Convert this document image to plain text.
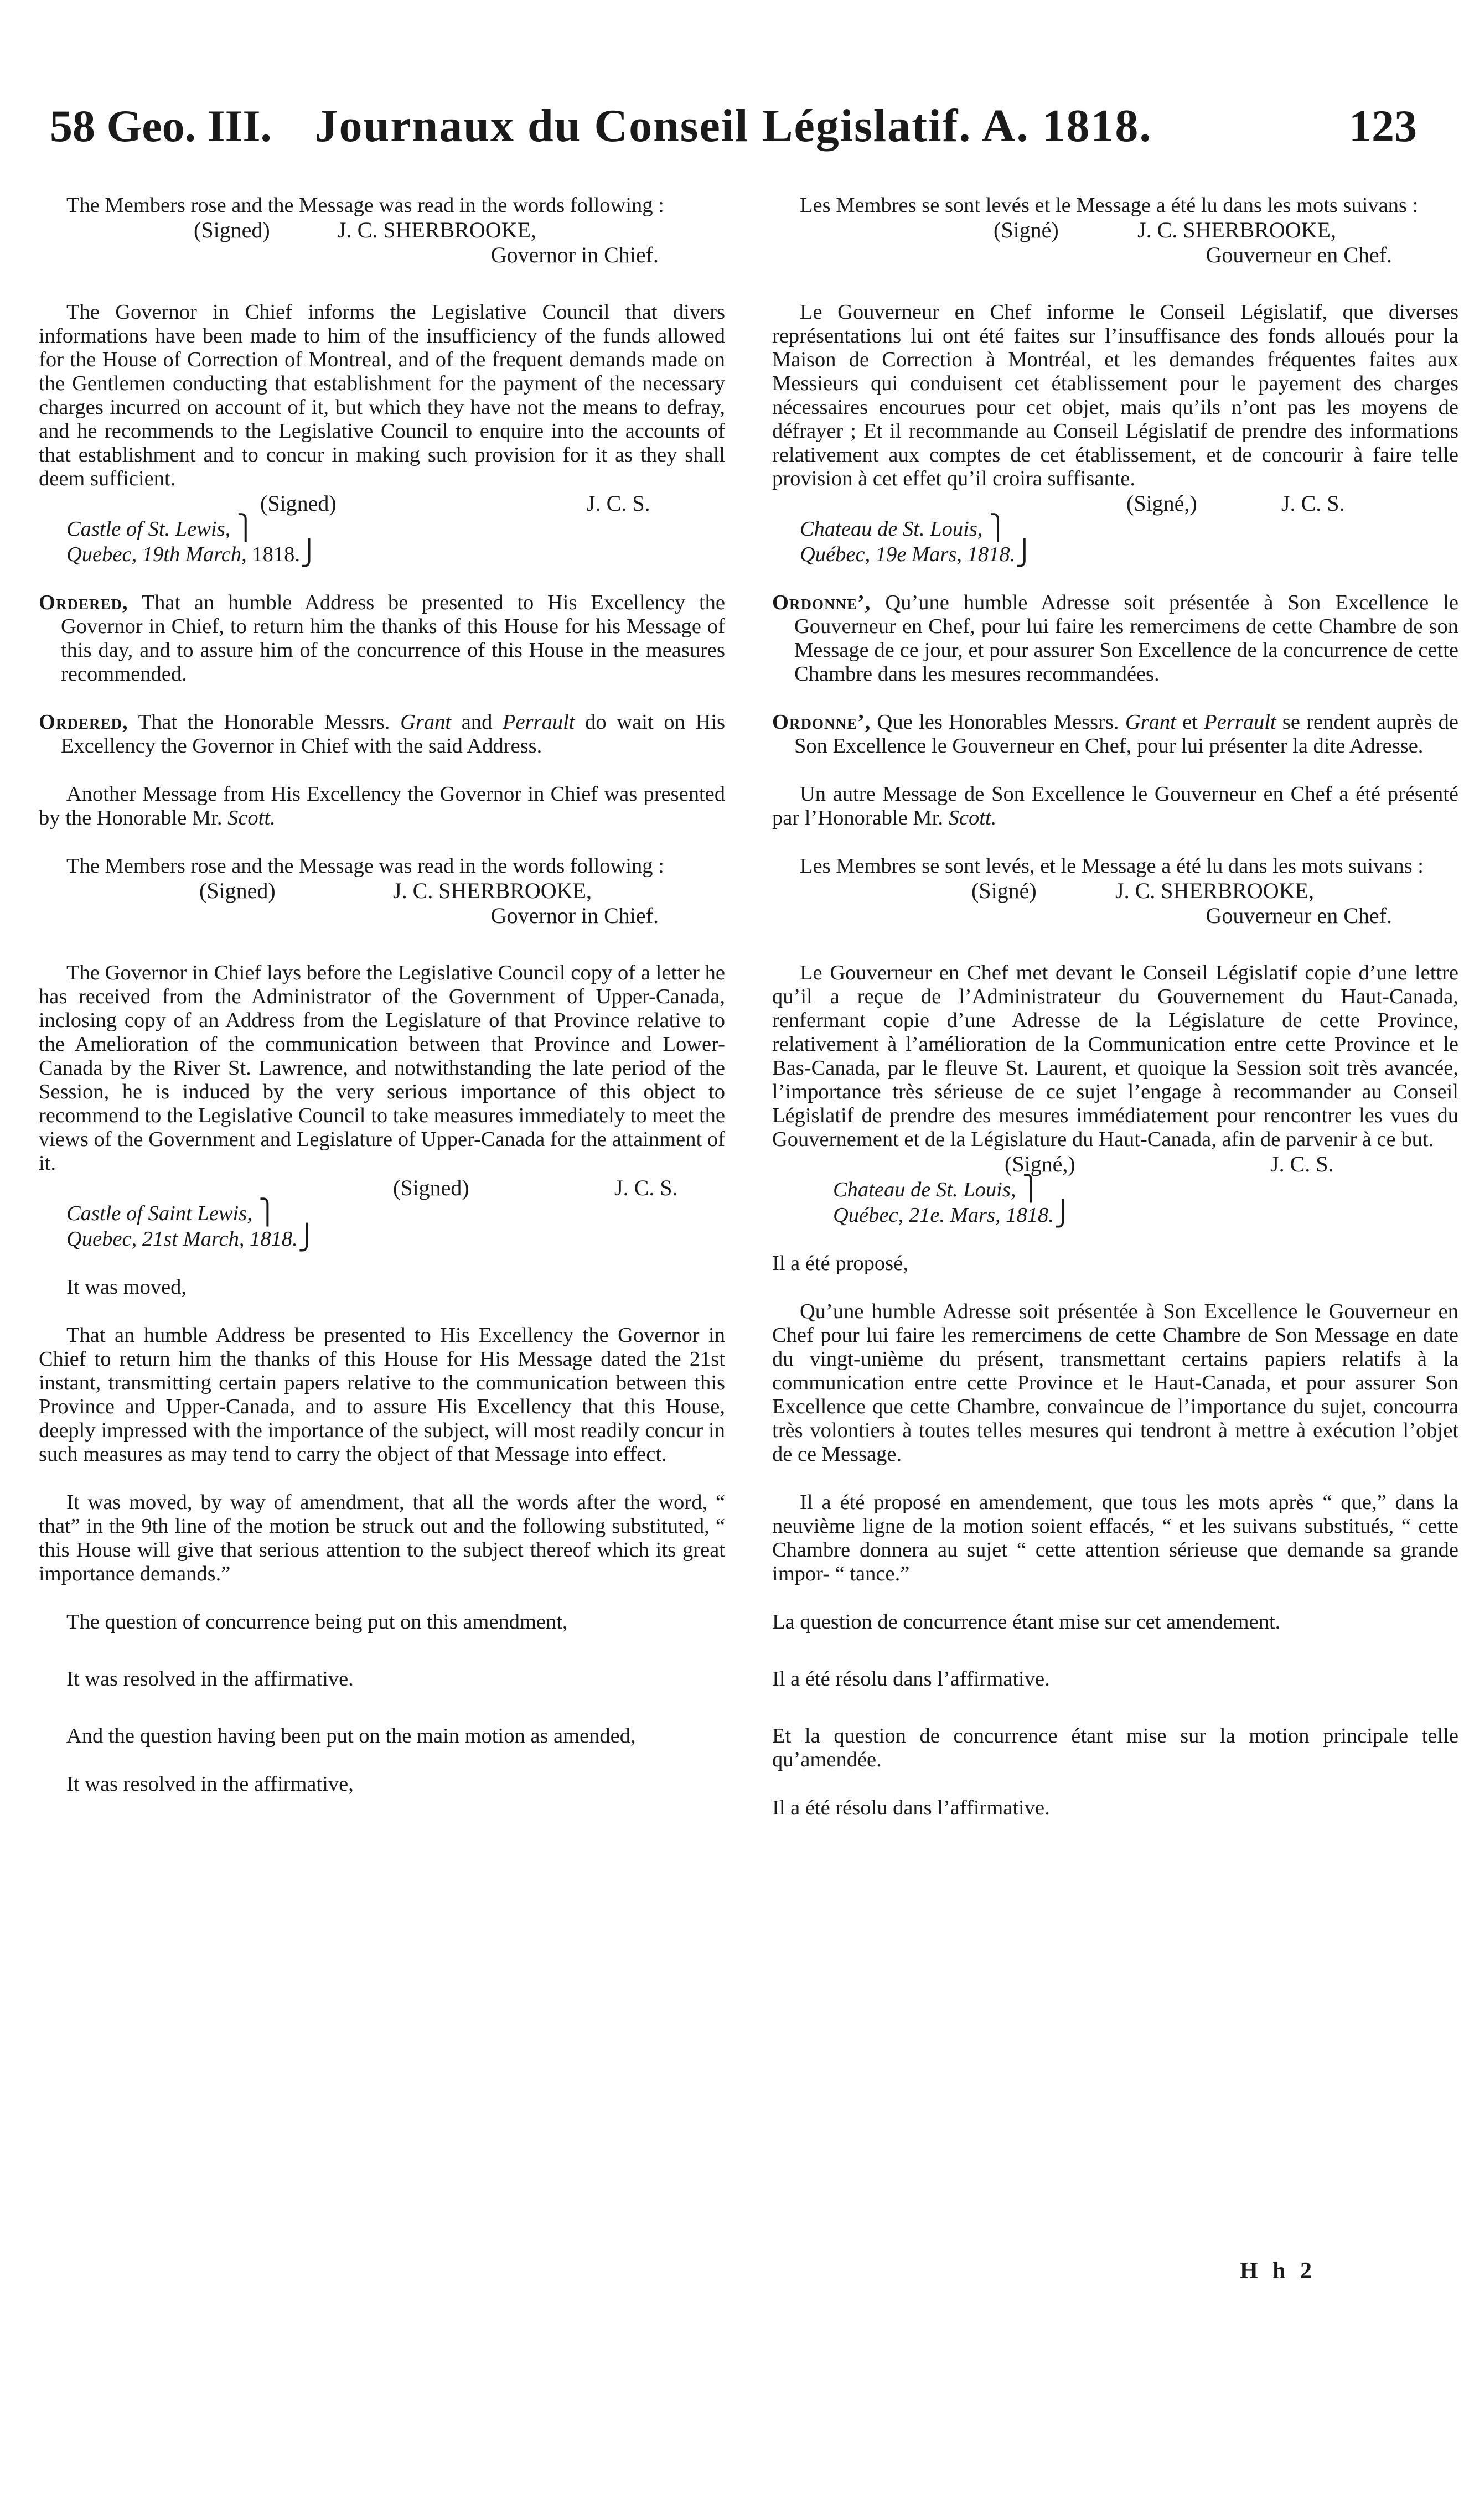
58 Geo. III. Journaux du Conseil Législatif. A. 1818.	123

The Members rose and the Message was read in the words following :

(Signed)	J. C. SHERBROOKE,

Governor in Chief.

The Governor in Chief informs the Legislative Council that divers informations have been made to him of the insufficiency of the funds allowed for the House of Correction of Montreal, and of the frequent demands made on the Gentlemen conducting that establishment for the payment of the necessary charges incurred on account of it, but which they have not the means to defray, and he recommends to the Legislative Council to enquire into the accounts of that establishment and to concur in making such provision for it as they shall deem sufficient.

(Signed)	J. C. S.

Castle of St. Lewis, ⎫
Quebec, 19th March, 1818.⎭

Ordered, That an humble Address be presented to His Excellency the Governor in Chief, to return him the thanks of this House for his Message of this day, and to assure him of the concurrence of this House in the measures recommended.

Ordered, That the Honorable Messrs. Grant and Perrault do wait on His Excellency the Governor in Chief with the said Address.

Another Message from His Excellency the Governor in Chief was presented by the Honorable Mr. Scott.

The Members rose and the Message was read in the words following :

(Signed)	J. C. SHERBROOKE,

Governor in Chief.

The Governor in Chief lays before the Legislative Council copy of a letter he has received from the Administrator of the Government of Upper-Canada, inclosing copy of an Address from the Legislature of that Province relative to the Amelioration of the communication between that Province and Lower-Canada by the River St. Lawrence, and notwithstanding the late period of the Session, he is induced by the very serious importance of this object to recommend to the Legislative Council to take measures immediately to meet the views of the Government and Legislature of Upper-Canada for the attainment of it.

(Signed)	J. C. S.

Castle of Saint Lewis, ⎫
Quebec, 21st March, 1818.⎭

It was moved,

That an humble Address be presented to His Excellency the Governor in Chief to return him the thanks of this House for His Message dated the 21st instant, transmitting certain papers relative to the communication between this Province and Upper-Canada, and to assure His Excellency that this House, deeply impressed with the importance of the subject, will most readily concur in such measures as may tend to carry the object of that Message into effect.

It was moved, by way of amendment, that all the words after the word, “ that” in the 9th line of the motion be struck out and the following substituted, “ this House will give that serious attention to the subject thereof which its great importance demands.”

The question of concurrence being put on this amendment,

It was resolved in the affirmative.

And the question having been put on the main motion as amended,

It was resolved in the affirmative,

Les Membres se sont levés et le Message a été lu dans les mots suivans :

(Signé)	J. C. SHERBROOKE,

Gouverneur en Chef.

Le Gouverneur en Chef informe le Conseil Législatif, que diverses représentations lui ont été faites sur l’insuffisance des fonds alloués pour la Maison de Correction à Montréal, et les demandes fréquentes faites aux Messieurs qui conduisent cet établissement pour le payement des charges nécessaires encourues pour cet objet, mais qu’ils n’ont pas les moyens de défrayer ; Et il recommande au Conseil Législatif de prendre des informations relativement aux comptes de cet établissement, et de concourir à faire telle provision à cet effet qu’il croira suffisante.

(Signé,)	J. C. S.

Chateau de St. Louis, ⎫
Québec, 19e Mars, 1818.⎭

Ordonne’, Qu’une humble Adresse soit présentée à Son Excellence le Gouverneur en Chef, pour lui faire les remercimens de cette Chambre de son Message de ce jour, et pour assurer Son Excellence de la concurrence de cette Chambre dans les mesures recommandées.

Ordonne’, Que les Honorables Messrs. Grant et Perrault se rendent auprès de Son Excellence le Gouverneur en Chef, pour lui présenter la dite Adresse.

Un autre Message de Son Excellence le Gouverneur en Chef a été présenté par l’Honorable Mr. Scott.

Les Membres se sont levés, et le Message a été lu dans les mots suivans :

(Signé)	J. C. SHERBROOKE,

Gouverneur en Chef.

Le Gouverneur en Chef met devant le Conseil Législatif copie d’une lettre qu’il a reçue de l’Administrateur du Gouvernement du Haut-Canada, renfermant copie d’une Adresse de la Législature de cette Province, relativement à l’amélioration de la Communication entre cette Province et le Bas-Canada, par le fleuve St. Laurent, et quoique la Session soit très avancée, l’importance très sérieuse de ce sujet l’engage à recommander au Conseil Législatif de prendre des mesures immédiatement pour rencontrer les vues du Gouvernement et de la Législature du Haut-Canada, afin de parvenir à ce but.

(Signé,)	J. C. S.

Chateau de St. Louis, ⎫
Québec, 21e. Mars, 1818.⎭

Il a été proposé,

Qu’une humble Adresse soit présentée à Son Excellence le Gouverneur en Chef pour lui faire les remercimens de cette Chambre de Son Message en date du vingt-unième du présent, transmettant certains papiers relatifs à la communication entre cette Province et le Haut-Canada, et pour assurer Son Excellence que cette Chambre, convaincue de l’importance du sujet, concourra très volontiers à toutes telles mesures qui tendront à mettre à exécution l’objet de ce Message.

Il a été proposé en amendement, que tous les mots après “ que,” dans la neuvième ligne de la motion soient effacés, “ et les suivans substitués, “ cette Chambre donnera au sujet “ cette attention sérieuse que demande sa grande impor- “ tance.”

La question de concurrence étant mise sur cet amendement.

Il a été résolu dans l’affirmative.

Et la question de concurrence étant mise sur la motion principale telle qu’amendée.

Il a été résolu dans l’affirmative.

H h 2
